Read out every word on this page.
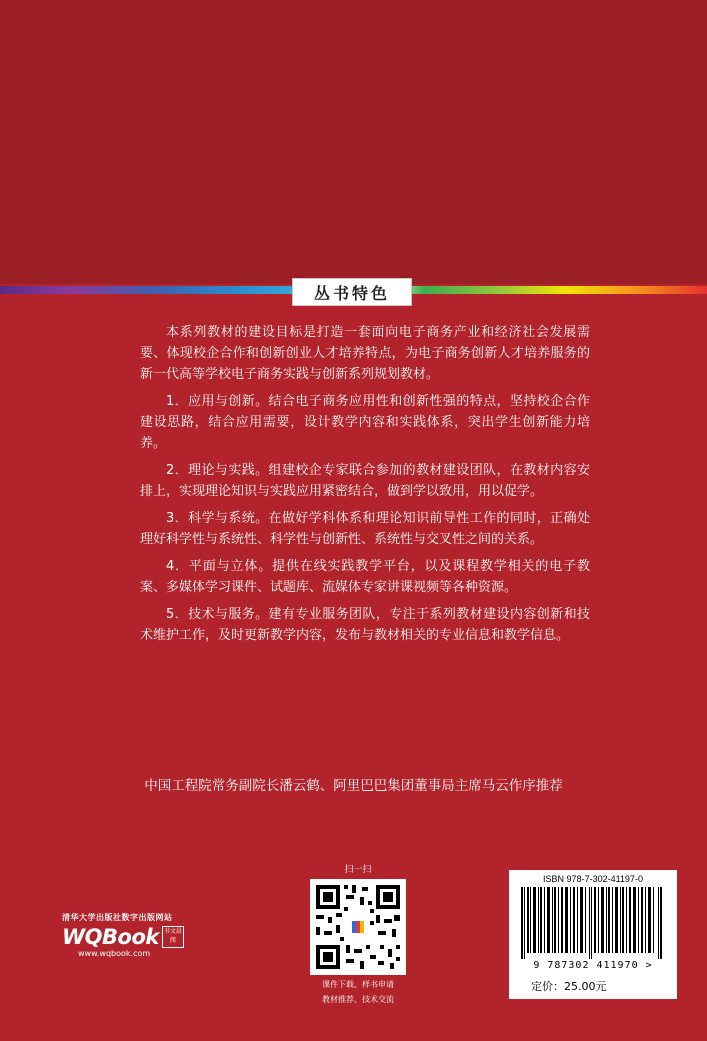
丛书特色

本系列教材的建设目标是打造一套面向电子商务产业和经济社会发展需要、体现校企合作和创新创业人才培养特点，为电子商务创新人才培养服务的新一代高等学校电子商务实践与创新系列规划教材。

1．应用与创新。结合电子商务应用性和创新性强的特点，坚持校企合作建设思路，结合应用需要，设计教学内容和实践体系，突出学生创新能力培养。

2．理论与实践。组建校企专家联合参加的教材建设团队，在教材内容安排上，实现理论知识与实践应用紧密结合，做到学以致用，用以促学。

3．科学与系统。在做好学科体系和理论知识前导性工作的同时，正确处理好科学性与系统性、科学性与创新性、系统性与交叉性之间的关系。

4．平面与立体。提供在线实践教学平台，以及课程教学相关的电子教案、多媒体学习课件、试题库、流媒体专家讲课视频等各种资源。

5．技术与服务。建有专业服务团队，专注于系列教材建设内容创新和技术维护工作，及时更新教学内容，发布与教材相关的专业信息和教学信息。

中国工程院常务副院长潘云鹤、阿里巴巴集团董事局主席马云作序推荐
清华大学出版社数字出版网站
WQBook 书文晨阅
www.wqbook.com
扫一扫
课件下载、样书申请
教材推荐、技术交流
ISBN 978-7-302-41197-0
9 787302 411970 >
定价：25.00元
